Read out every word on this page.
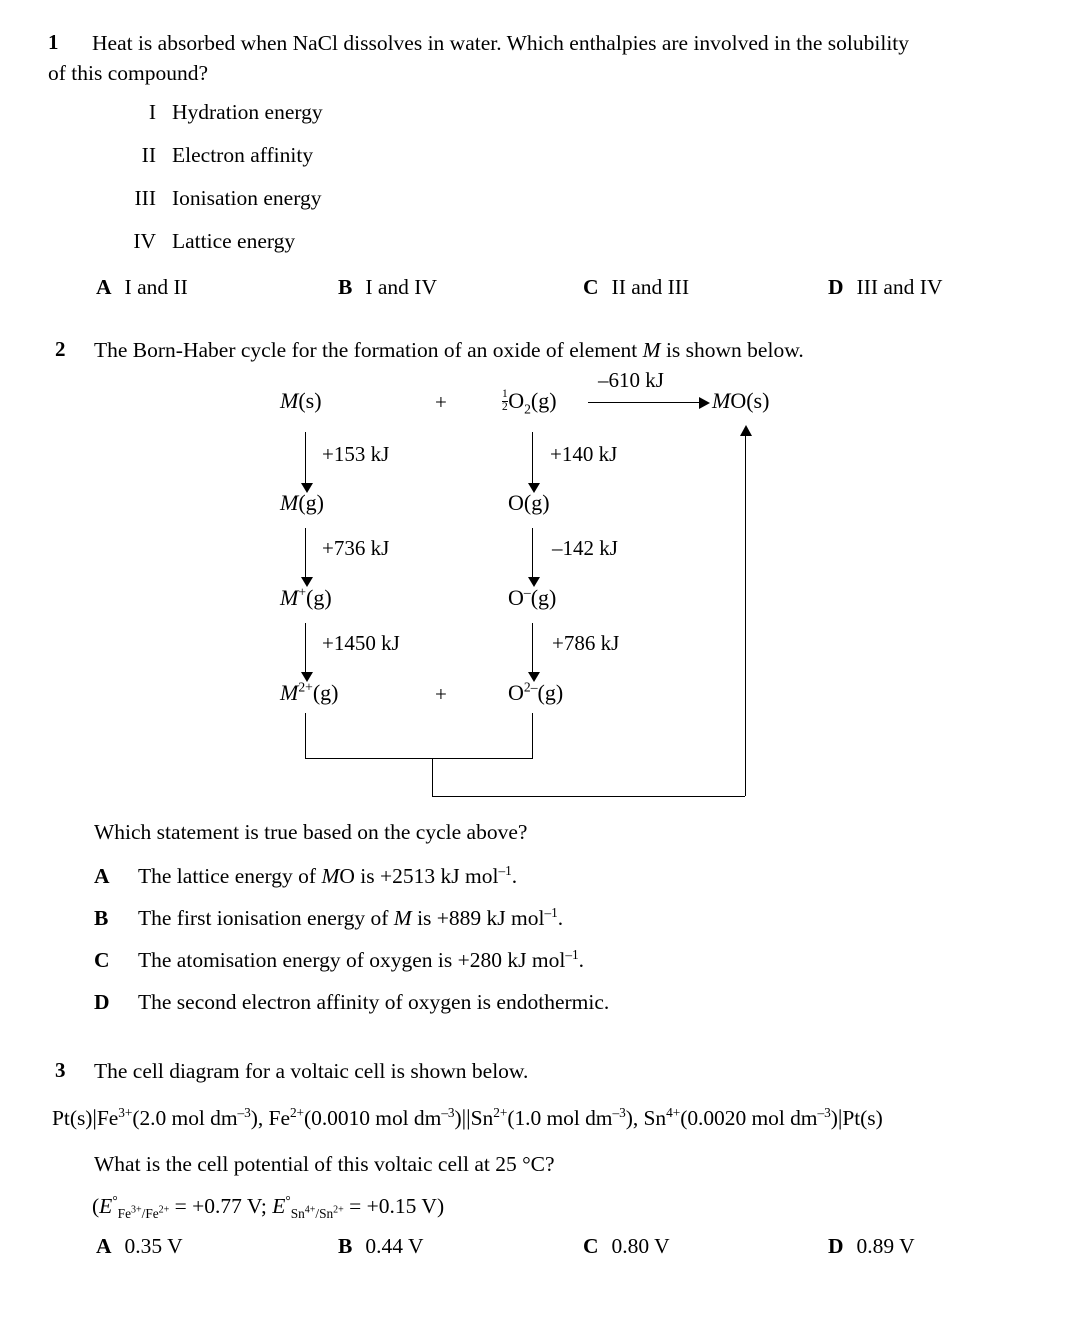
1 Heat is absorbed when NaCl dissolves in water. Which enthalpies are involved in the solubility
of this compound?
I Hydration energy
II Electron affinity
III Ionisation energy
IV Lattice energy
A I and II	B I and IV	C II and III	D III and IV
2 The Born-Haber cycle for the formation of an oxide of element M is shown below.
M(s)
M(g)
M+(g)
$M^{2+}(g)$
+
+
$\frac{1}{2} O_2(g)$
O(g)
O–(g)
$O^{2-}(g)$
MO(s)
–610 kJ
+153 kJ
+736 kJ
+1450 kJ
+140 kJ
–142 kJ
+786 kJ
Which statement is true based on the cycle above?
A The lattice energy of MO is +2513 kJ mol$^{-1}$.
B The first ionisation energy of M is +889 kJ mol$^{-1}$.
C The atomisation energy of oxygen is +280 kJ mol$^{-1}$.
D The second electron affinity of oxygen is endothermic.
3 The cell diagram for a voltaic cell is shown below.
$Pt(s)|Fe^{3+}(2.0$ mol $dm^{-3}$), $Fe^{2+}(0.0010$ mol $dm^{-3})||Sn^{2+}(1.0$ mol $dm^{-3}$), $Sn^{4+}(0.0020$ mol $dm^{-3})|Pt(s)$
What is the cell potential of this voltaic cell at 25 °C?
($E^\circ_{Fe^{3+}/Fe^{2+}} = +0.77$ V; $E^\circ_{Sn^{4+}/Sn^{2+}} = +0.15$ V)
A 0.35 V	B 0.44 V	C 0.80 V	D 0.89 V
